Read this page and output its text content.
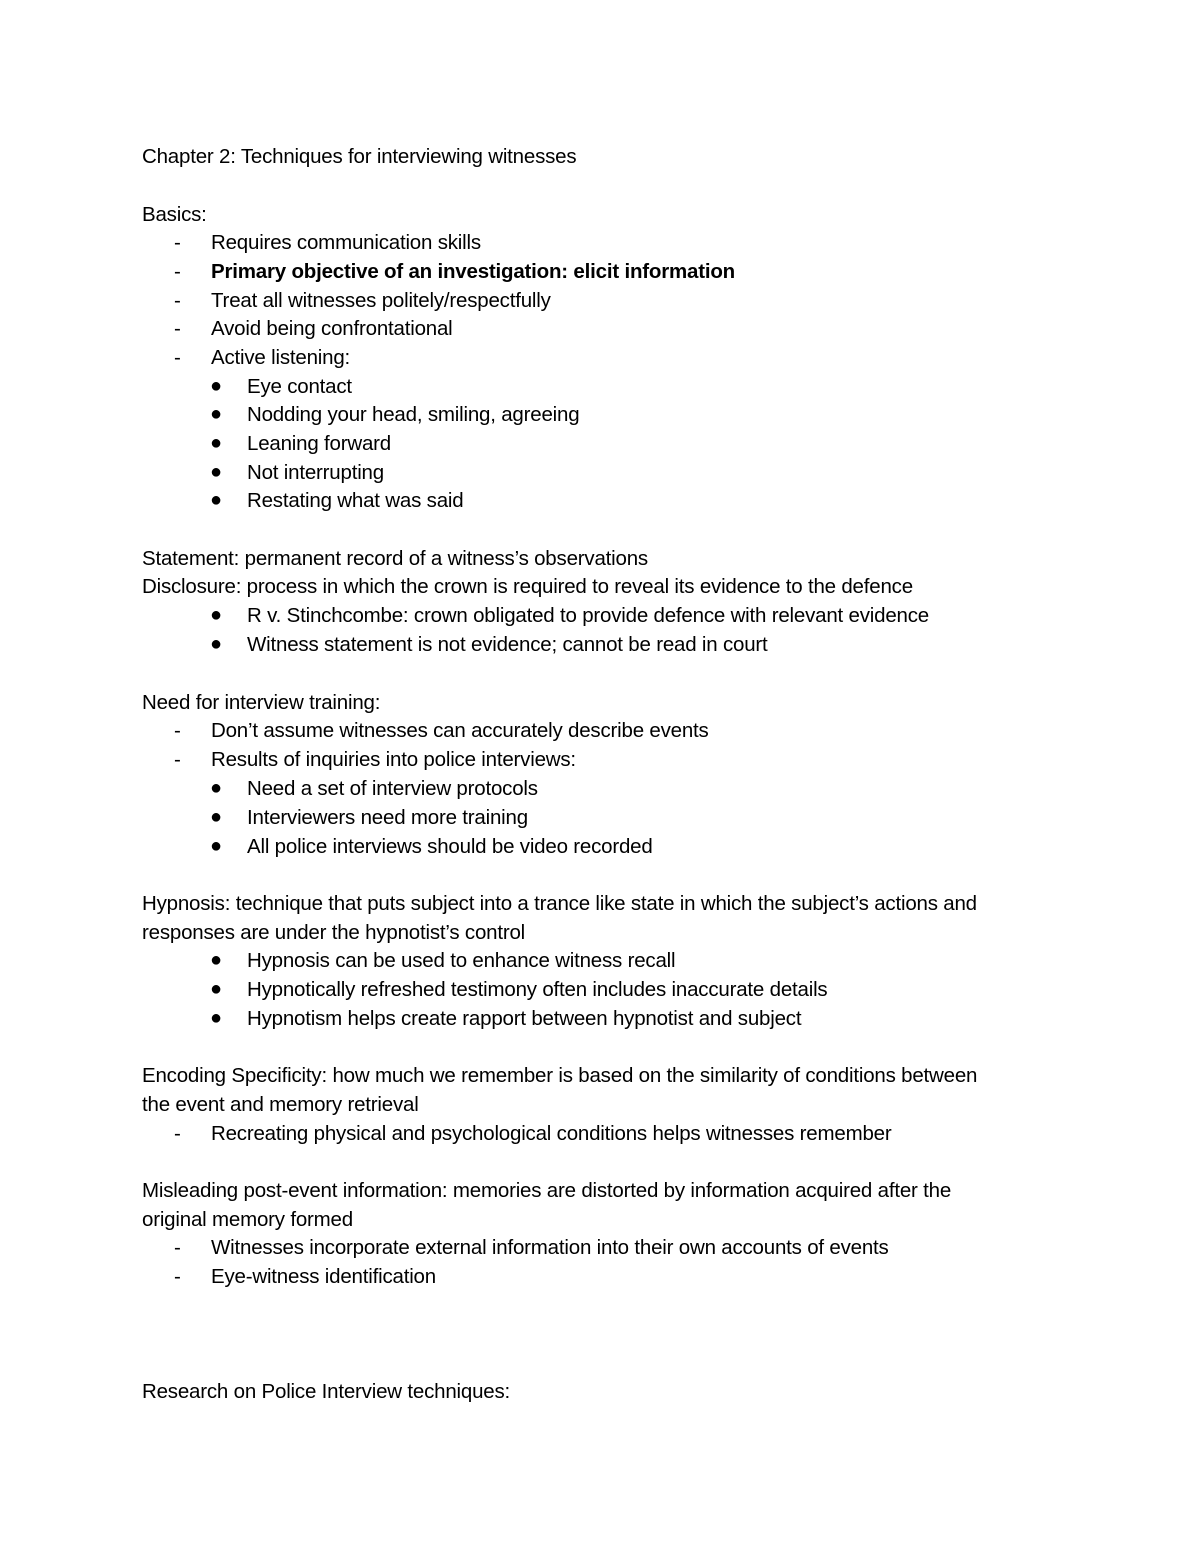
Chapter 2: Techniques for interviewing witnesses
Basics:
- Requires communication skills
- Primary objective of an investigation: elicit information
- Treat all witnesses politely/respectfully
- Avoid being confrontational
- Active listening:
● Eye contact
● Nodding your head, smiling, agreeing
● Leaning forward
● Not interrupting
● Restating what was said
Statement: permanent record of a witness’s observations
Disclosure: process in which the crown is required to reveal its evidence to the defence
● R v. Stinchcombe: crown obligated to provide defence with relevant evidence
● Witness statement is not evidence; cannot be read in court
Need for interview training:
- Don’t assume witnesses can accurately describe events
- Results of inquiries into police interviews:
● Need a set of interview protocols
● Interviewers need more training
● All police interviews should be video recorded
Hypnosis: technique that puts subject into a trance like state in which the subject’s actions and
responses are under the hypnotist’s control
● Hypnosis can be used to enhance witness recall
● Hypnotically refreshed testimony often includes inaccurate details
● Hypnotism helps create rapport between hypnotist and subject
Encoding Specificity: how much we remember is based on the similarity of conditions between
the event and memory retrieval
- Recreating physical and psychological conditions helps witnesses remember
Misleading post-event information: memories are distorted by information acquired after the
original memory formed
- Witnesses incorporate external information into their own accounts of events
- Eye-witness identification
Research on Police Interview techniques:
